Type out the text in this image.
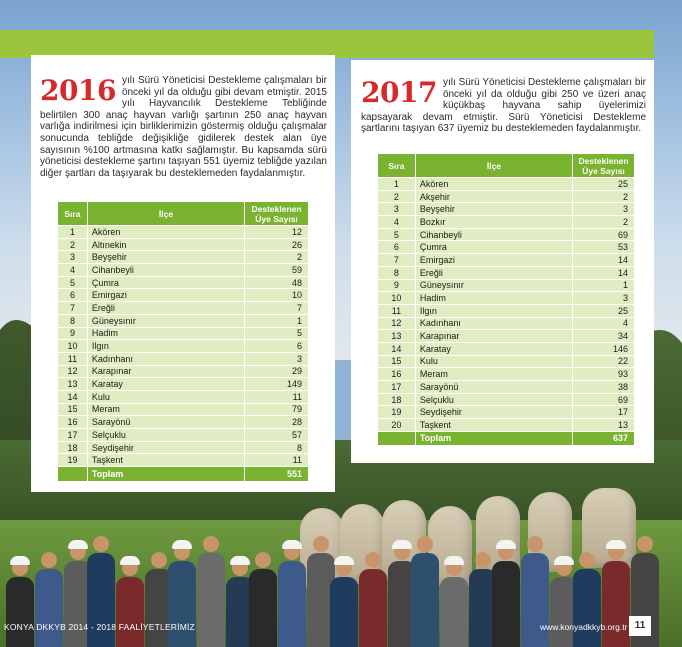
2016 yılı Sürü Yöneticisi Destekleme çalışmaları bir önceki yıl da olduğu gibi devam etmiştir. 2015 yılı Hayvancılık Destekleme Tebliğinde belirtilen 300 anaç hayvan varlığı şartının 250 anaç hayvan varlığa indirilmesi için birliklerimizin göstermiş olduğu çalışmalar sonucunda tebliğde değişikliğe gidilerek destek alan üye sayısının %100 artmasına katkı sağlamıştır. Bu kapsamda sürü yöneticisi destekleme şartını taşıyan 551 üyemiz tebliğde yazılan diğer şartları da taşıyarak bu desteklemeden faydalanmıştır.
Sıra	İlçe	Desteklenen Üye Sayısı
1	Akören	12
2	Altınekin	26
3	Beyşehir	2
4	Cihanbeyli	59
5	Çumra	48
6	Emirgazi	10
7	Ereğli	7
8	Güneysınır	1
9	Hadim	5
10	Ilgın	6
11	Kadınhanı	3
12	Karapınar	29
13	Karatay	149
14	Kulu	11
15	Meram	79
16	Sarayönü	28
17	Selçuklu	57
18	Seydişehir	8
19	Taşkent	11
	Toplam	551
2017 yılı Sürü Yöneticisi Destekleme çalışmaları bir önceki yıl da olduğu gibi 250 ve üzeri anaç küçükbaş hayvana sahip üyelerimizi kapsayarak devam etmiştir. Sürü Yöneticisi Destekleme şartlarını taşıyan 637 üyemiz bu desteklemeden faydalanmıştır.
Sıra	İlçe	Desteklenen Üye Sayısı
1	Akören	25
2	Akşehir	2
3	Beyşehir	3
4	Bozkır	2
5	Cihanbeyli	69
6	Çumra	53
7	Emirgazi	14
8	Ereğli	14
9	Güneysınır	1
10	Hadim	3
11	Ilgın	25
12	Kadınhanı	4
13	Karapınar	34
14	Karatay	146
15	Kulu	22
16	Meram	93
17	Sarayönü	38
18	Selçuklu	69
19	Seydişehir	17
20	Taşkent	13
	Toplam	637
KONYA DKKYB 2014 - 2018 FAALİYETLERİMİZ	www.konyadkkyb.org.tr 11
